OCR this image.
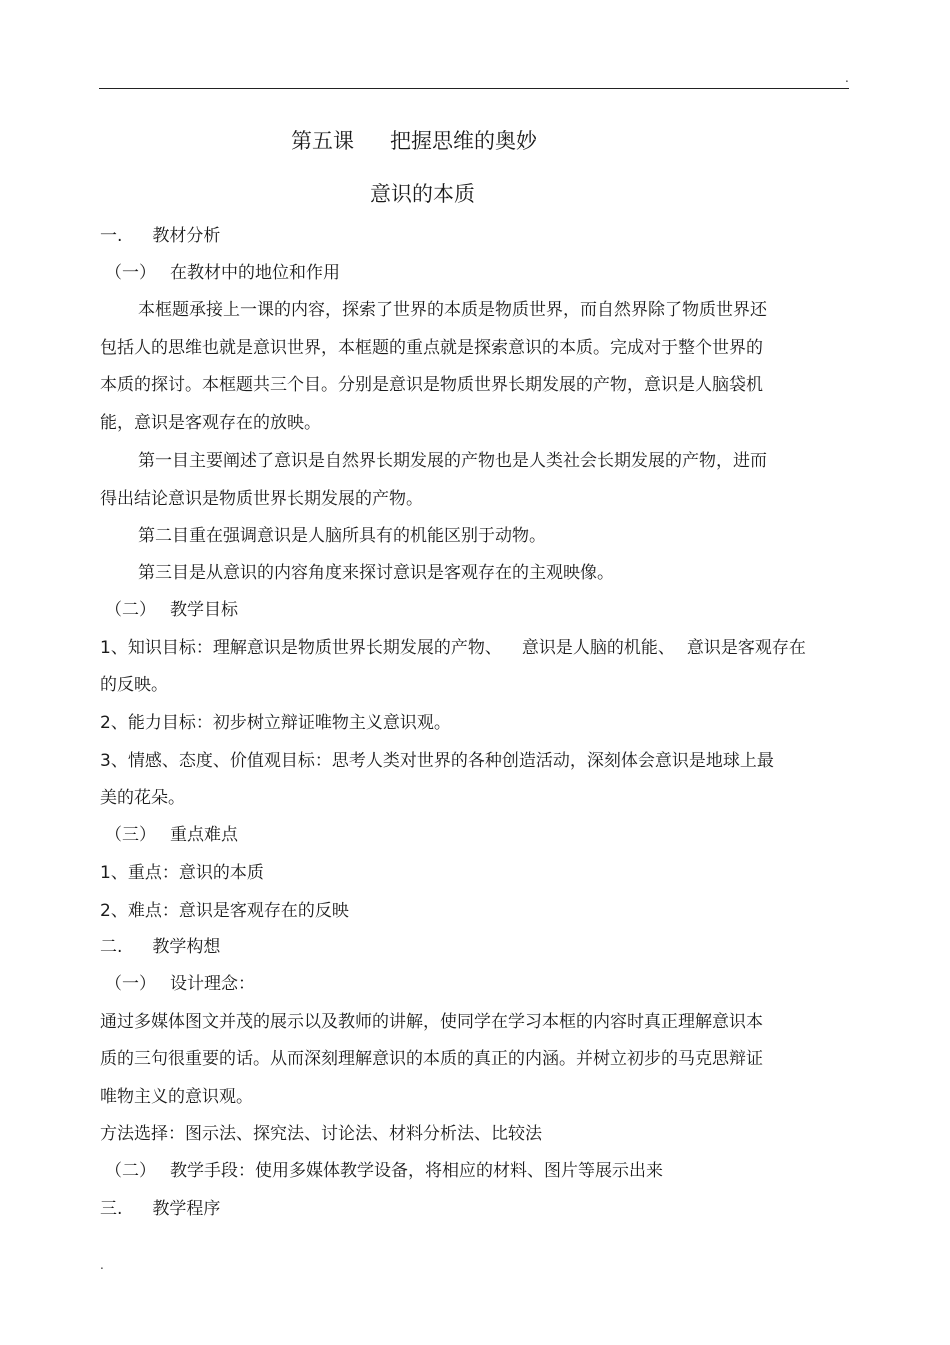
.
第五课 把握思维的奥妙
意识的本质
一. 教材分析
（一） 在教材中的地位和作用
本框题承接上一课的内容，探索了世界的本质是物质世界，而自然界除了物质世界还
包括人的思维也就是意识世界，本框题的重点就是探索意识的本质。完成对于整个世界的
本质的探讨。本框题共三个目。分别是意识是物质世界长期发展的产物，意识是人脑袋机
能，意识是客观存在的放映。
第一目主要阐述了意识是自然界长期发展的产物也是人类社会长期发展的产物，进而
得出结论意识是物质世界长期发展的产物。
第二目重在强调意识是人脑所具有的机能区别于动物。
第三目是从意识的内容角度来探讨意识是客观存在的主观映像。
（二） 教学目标
1、知识目标：理解意识是物质世界长期发展的产物、 意识是人脑的机能、 意识是客观存在
的反映。
2、能力目标：初步树立辩证唯物主义意识观。
3、情感、态度、价值观目标：思考人类对世界的各种创造活动，深刻体会意识是地球上最
美的花朵。
（三） 重点难点
1、重点：意识的本质
2、难点：意识是客观存在的反映
二. 教学构想
（一） 设计理念：
通过多媒体图文并茂的展示以及教师的讲解，使同学在学习本框的内容时真正理解意识本
质的三句很重要的话。从而深刻理解意识的本质的真正的内涵。并树立初步的马克思辩证
唯物主义的意识观。
方法选择：图示法、探究法、讨论法、材料分析法、比较法
（二） 教学手段：使用多媒体教学设备，将相应的材料、图片等展示出来
三. 教学程序
.
